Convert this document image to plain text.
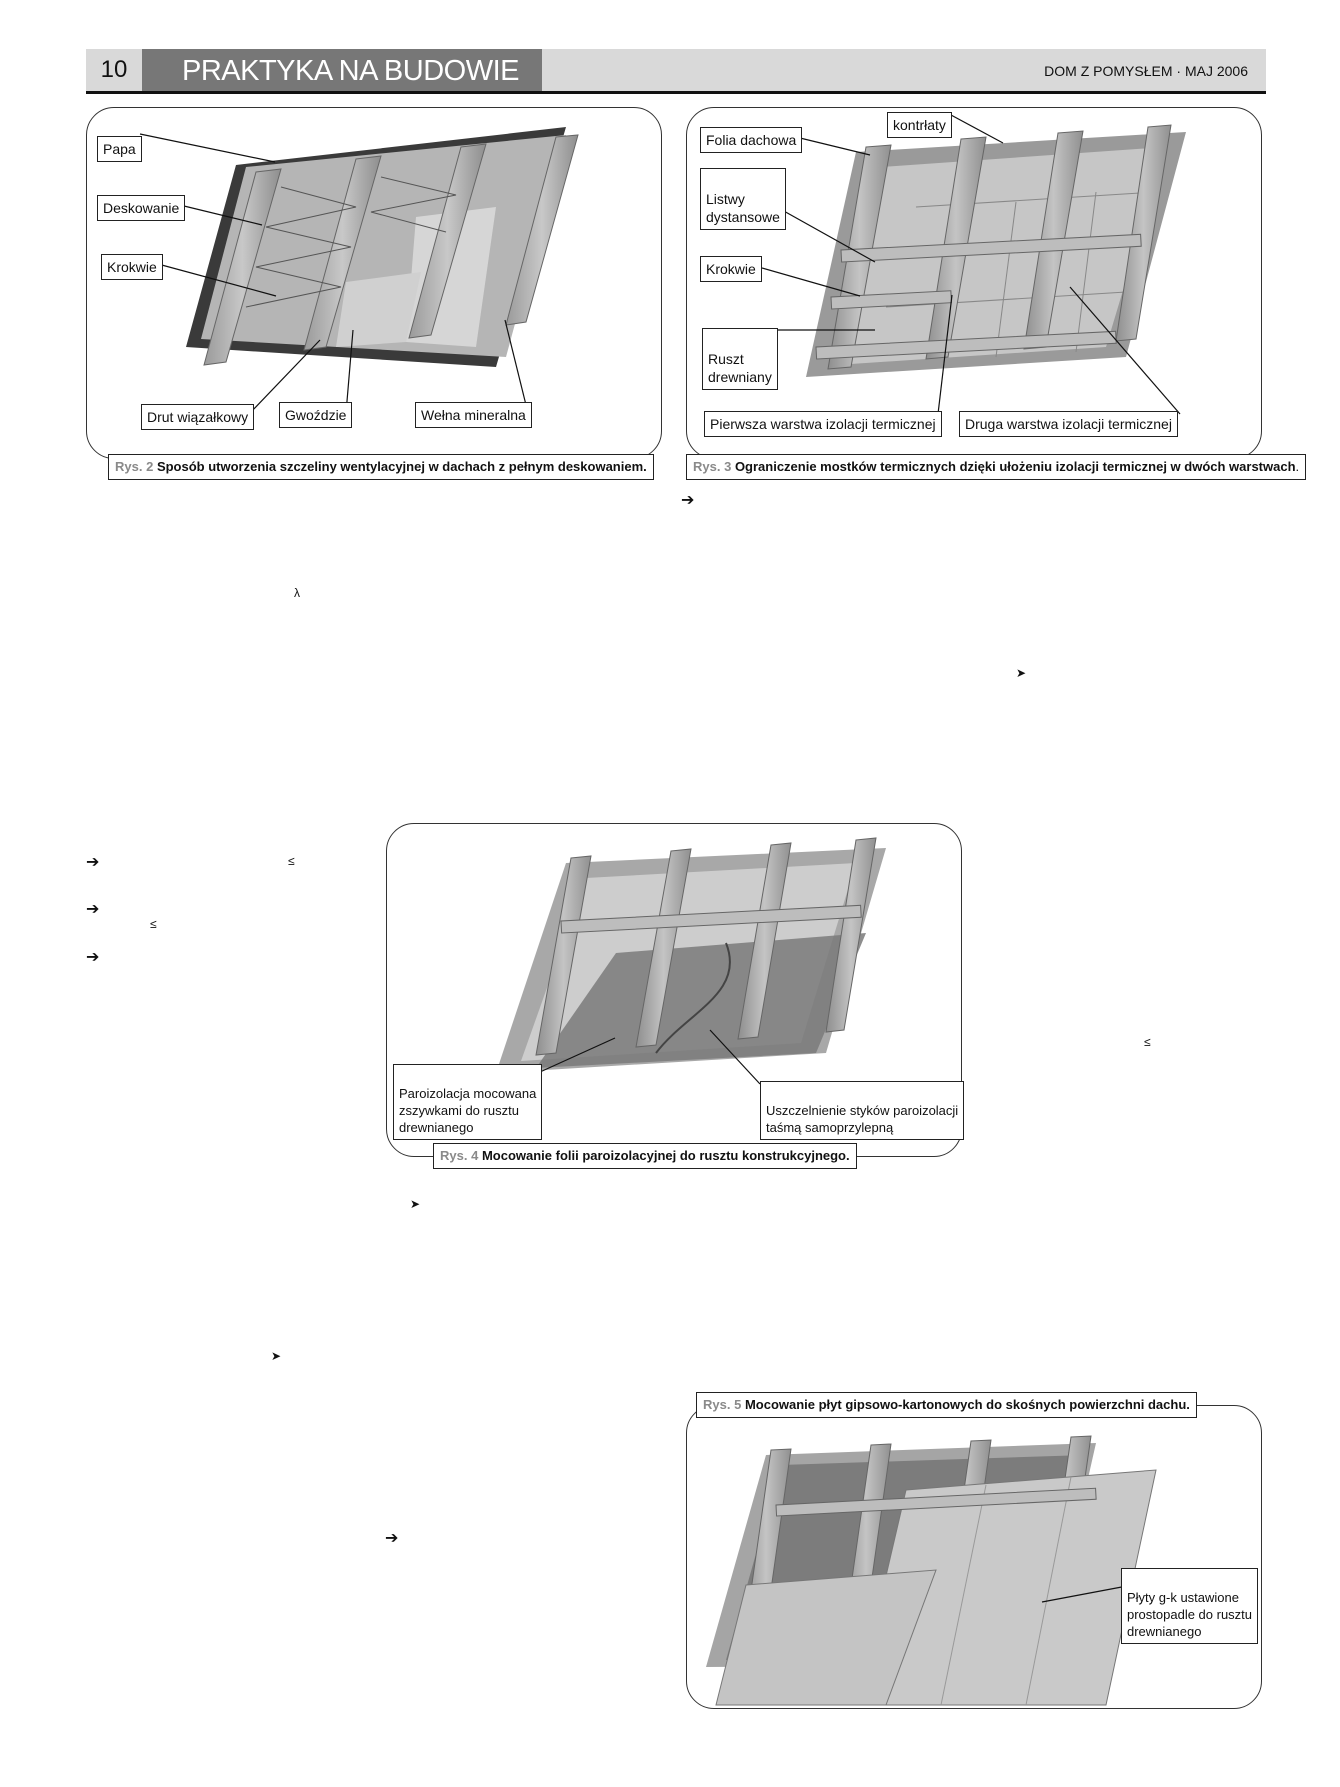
10	PRAKTYKA NA BUDOWIE	DOM Z POMYSŁEM · MAJ 2006
Papa
Deskowanie
Krokwie
Drut wiązałkowy	Gwoździe	Wełna mineralna
Rys. 2 Sposób utworzenia szczeliny wentylacyjnej w dachach z pełnym deskowaniem.
Folia dachowa
kontrłaty

Listwy
dystansowe

Krokwie

Ruszt
drewniany

Pierwsza warstwa izolacji termicznej	Druga warstwa izolacji termicznej
Rys. 3 Ograniczenie mostków termicznych dzięki ułożeniu izolacji termicznej w dwóch warstwach.

Paroizolacja mocowana
zszywkami do rusztu
drewnianego

Uszczelnienie styków paroizolacji
taśmą samoprzylepną

Rys. 4 Mocowanie folii paroizolacyjnej do rusztu konstrukcyjnego.
Rys. 5 Mocowanie płyt gipsowo-kartonowych do skośnych powierzchni dachu.

Płyty g-k ustawione
prostopadle do rusztu
drewnianego

➔
λ
➤
➔	≤
➔
≤
➔
≤
➤
➤
➔
